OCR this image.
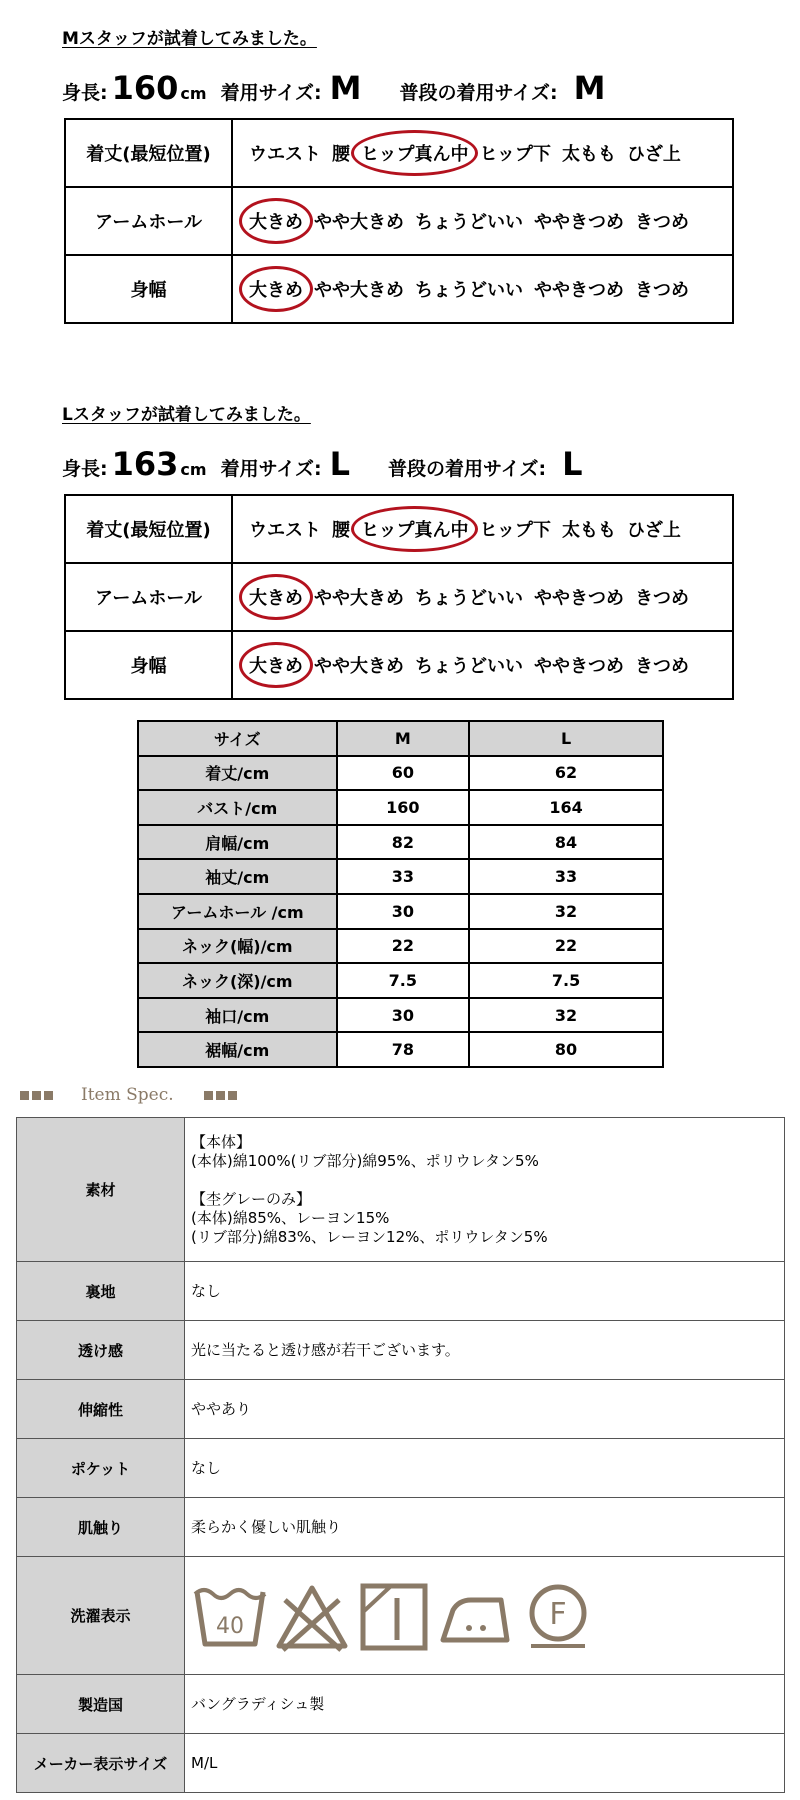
Mスタッフが試着してみました。
身長: 160 cm 着用サイズ: M 普段の着用サイズ: M
着丈(最短位置)	ウエスト 腰 ヒップ真ん中 ヒップ下 太もも ひざ上
アームホール	大きめ やや大きめ ちょうどいい ややきつめ きつめ
身幅	大きめ やや大きめ ちょうどいい ややきつめ きつめ
Lスタッフが試着してみました。
身長: 163 cm 着用サイズ: L 普段の着用サイズ: L
着丈(最短位置)	ウエスト 腰 ヒップ真ん中 ヒップ下 太もも ひざ上
アームホール	大きめ やや大きめ ちょうどいい ややきつめ きつめ
身幅	大きめ やや大きめ ちょうどいい ややきつめ きつめ
サイズ	M	L
着丈/cm	60	62
バスト/cm	160	164
肩幅/cm	82	84
袖丈/cm	33	33
アームホール /cm	30	32
ネック(幅)/cm	22	22
ネック(深)/cm	7.5	7.5
袖口/cm	30	32
裾幅/cm	78	80
Item Spec.
素材	【本体】
(本体)綿100%(リブ部分)綿95%、ポリウレタン5%
【杢グレーのみ】
(本体)綿85%、レーヨン15%
(リブ部分)綿83%、レーヨン12%、ポリウレタン5%

裏地	なし
透け感	光に当たると透け感が若干ございます。
伸縮性	ややあり
ポケット	なし
肌触り	柔らかく優しい肌触り
洗濯表示	40 F

製造国	バングラディシュ製
メーカー表示サイズ	M/L
